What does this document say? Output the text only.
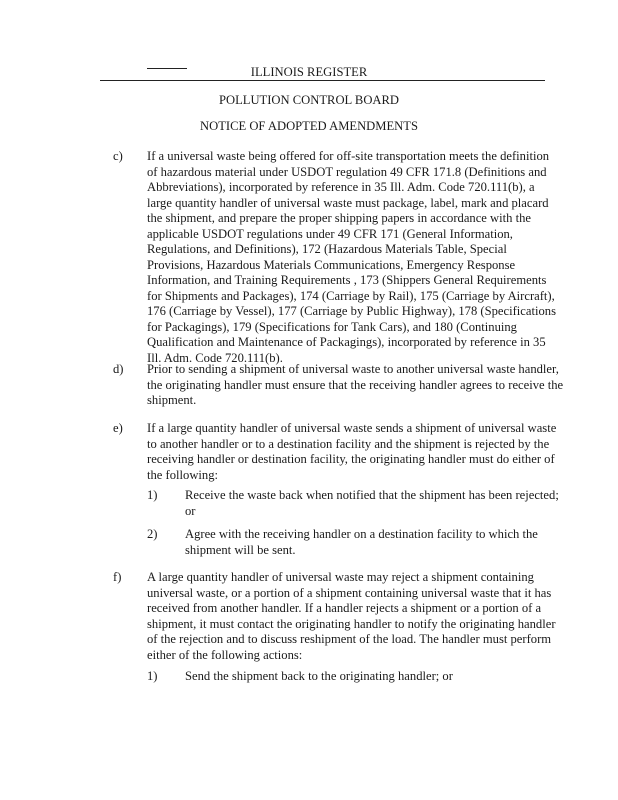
ILLINOIS REGISTER
POLLUTION CONTROL BOARD
NOTICE OF ADOPTED AMENDMENTS
c) If a universal waste being offered for off-site transportation meets the definition
of hazardous material under USDOT regulation 49 CFR 171.8 (Definitions and
Abbreviations), incorporated by reference in 35 Ill. Adm. Code 720.111(b), a
large quantity handler of universal waste must package, label, mark and placard
the shipment, and prepare the proper shipping papers in accordance with the
applicable USDOT regulations under 49 CFR 171 (General Information,
Regulations, and Definitions), 172 (Hazardous Materials Table, Special
Provisions, Hazardous Materials Communications, Emergency Response
Information, and Training Requirements , 173 (Shippers General Requirements
for Shipments and Packages), 174 (Carriage by Rail), 175 (Carriage by Aircraft),
176 (Carriage by Vessel), 177 (Carriage by Public Highway), 178 (Specifications
for Packagings), 179 (Specifications for Tank Cars), and 180 (Continuing
Qualification and Maintenance of Packagings), incorporated by reference in 35
Ill. Adm. Code 720.111(b).
d) Prior to sending a shipment of universal waste to another universal waste handler,
the originating handler must ensure that the receiving handler agrees to receive the
shipment.
e) If a large quantity handler of universal waste sends a shipment of universal waste
to another handler or to a destination facility and the shipment is rejected by the
receiving handler or destination facility, the originating handler must do either of
the following:
1) Receive the waste back when notified that the shipment has been rejected;
or
2) Agree with the receiving handler on a destination facility to which the
shipment will be sent.
f) A large quantity handler of universal waste may reject a shipment containing
universal waste, or a portion of a shipment containing universal waste that it has
received from another handler. If a handler rejects a shipment or a portion of a
shipment, it must contact the originating handler to notify the originating handler
of the rejection and to discuss reshipment of the load. The handler must perform
either of the following actions:
1) Send the shipment back to the originating handler; or
